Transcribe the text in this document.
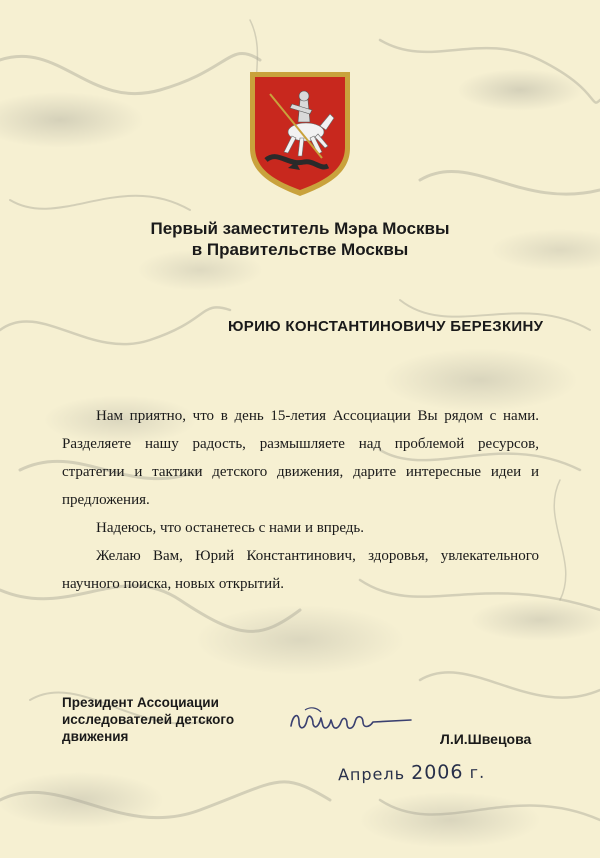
Первый заместитель Мэра Москвы
в Правительстве Москвы
ЮРИЮ КОНСТАНТИНОВИЧУ БЕРЕЗКИНУ
Нам приятно, что в день 15-летия Ассоциации Вы рядом с нами. Разделяете нашу радость, размышляете над проблемой ресурсов, стратегии и тактики детского движения, дарите интересные идеи и предложения.
Надеюсь, что останетесь с нами и впредь.
Желаю Вам, Юрий Константинович, здоровья, увлекательного научного поиска, новых открытий.
Президент Ассоциации
исследователей детского
движения	Л.И.Швецова
Апрель 2006 г.
